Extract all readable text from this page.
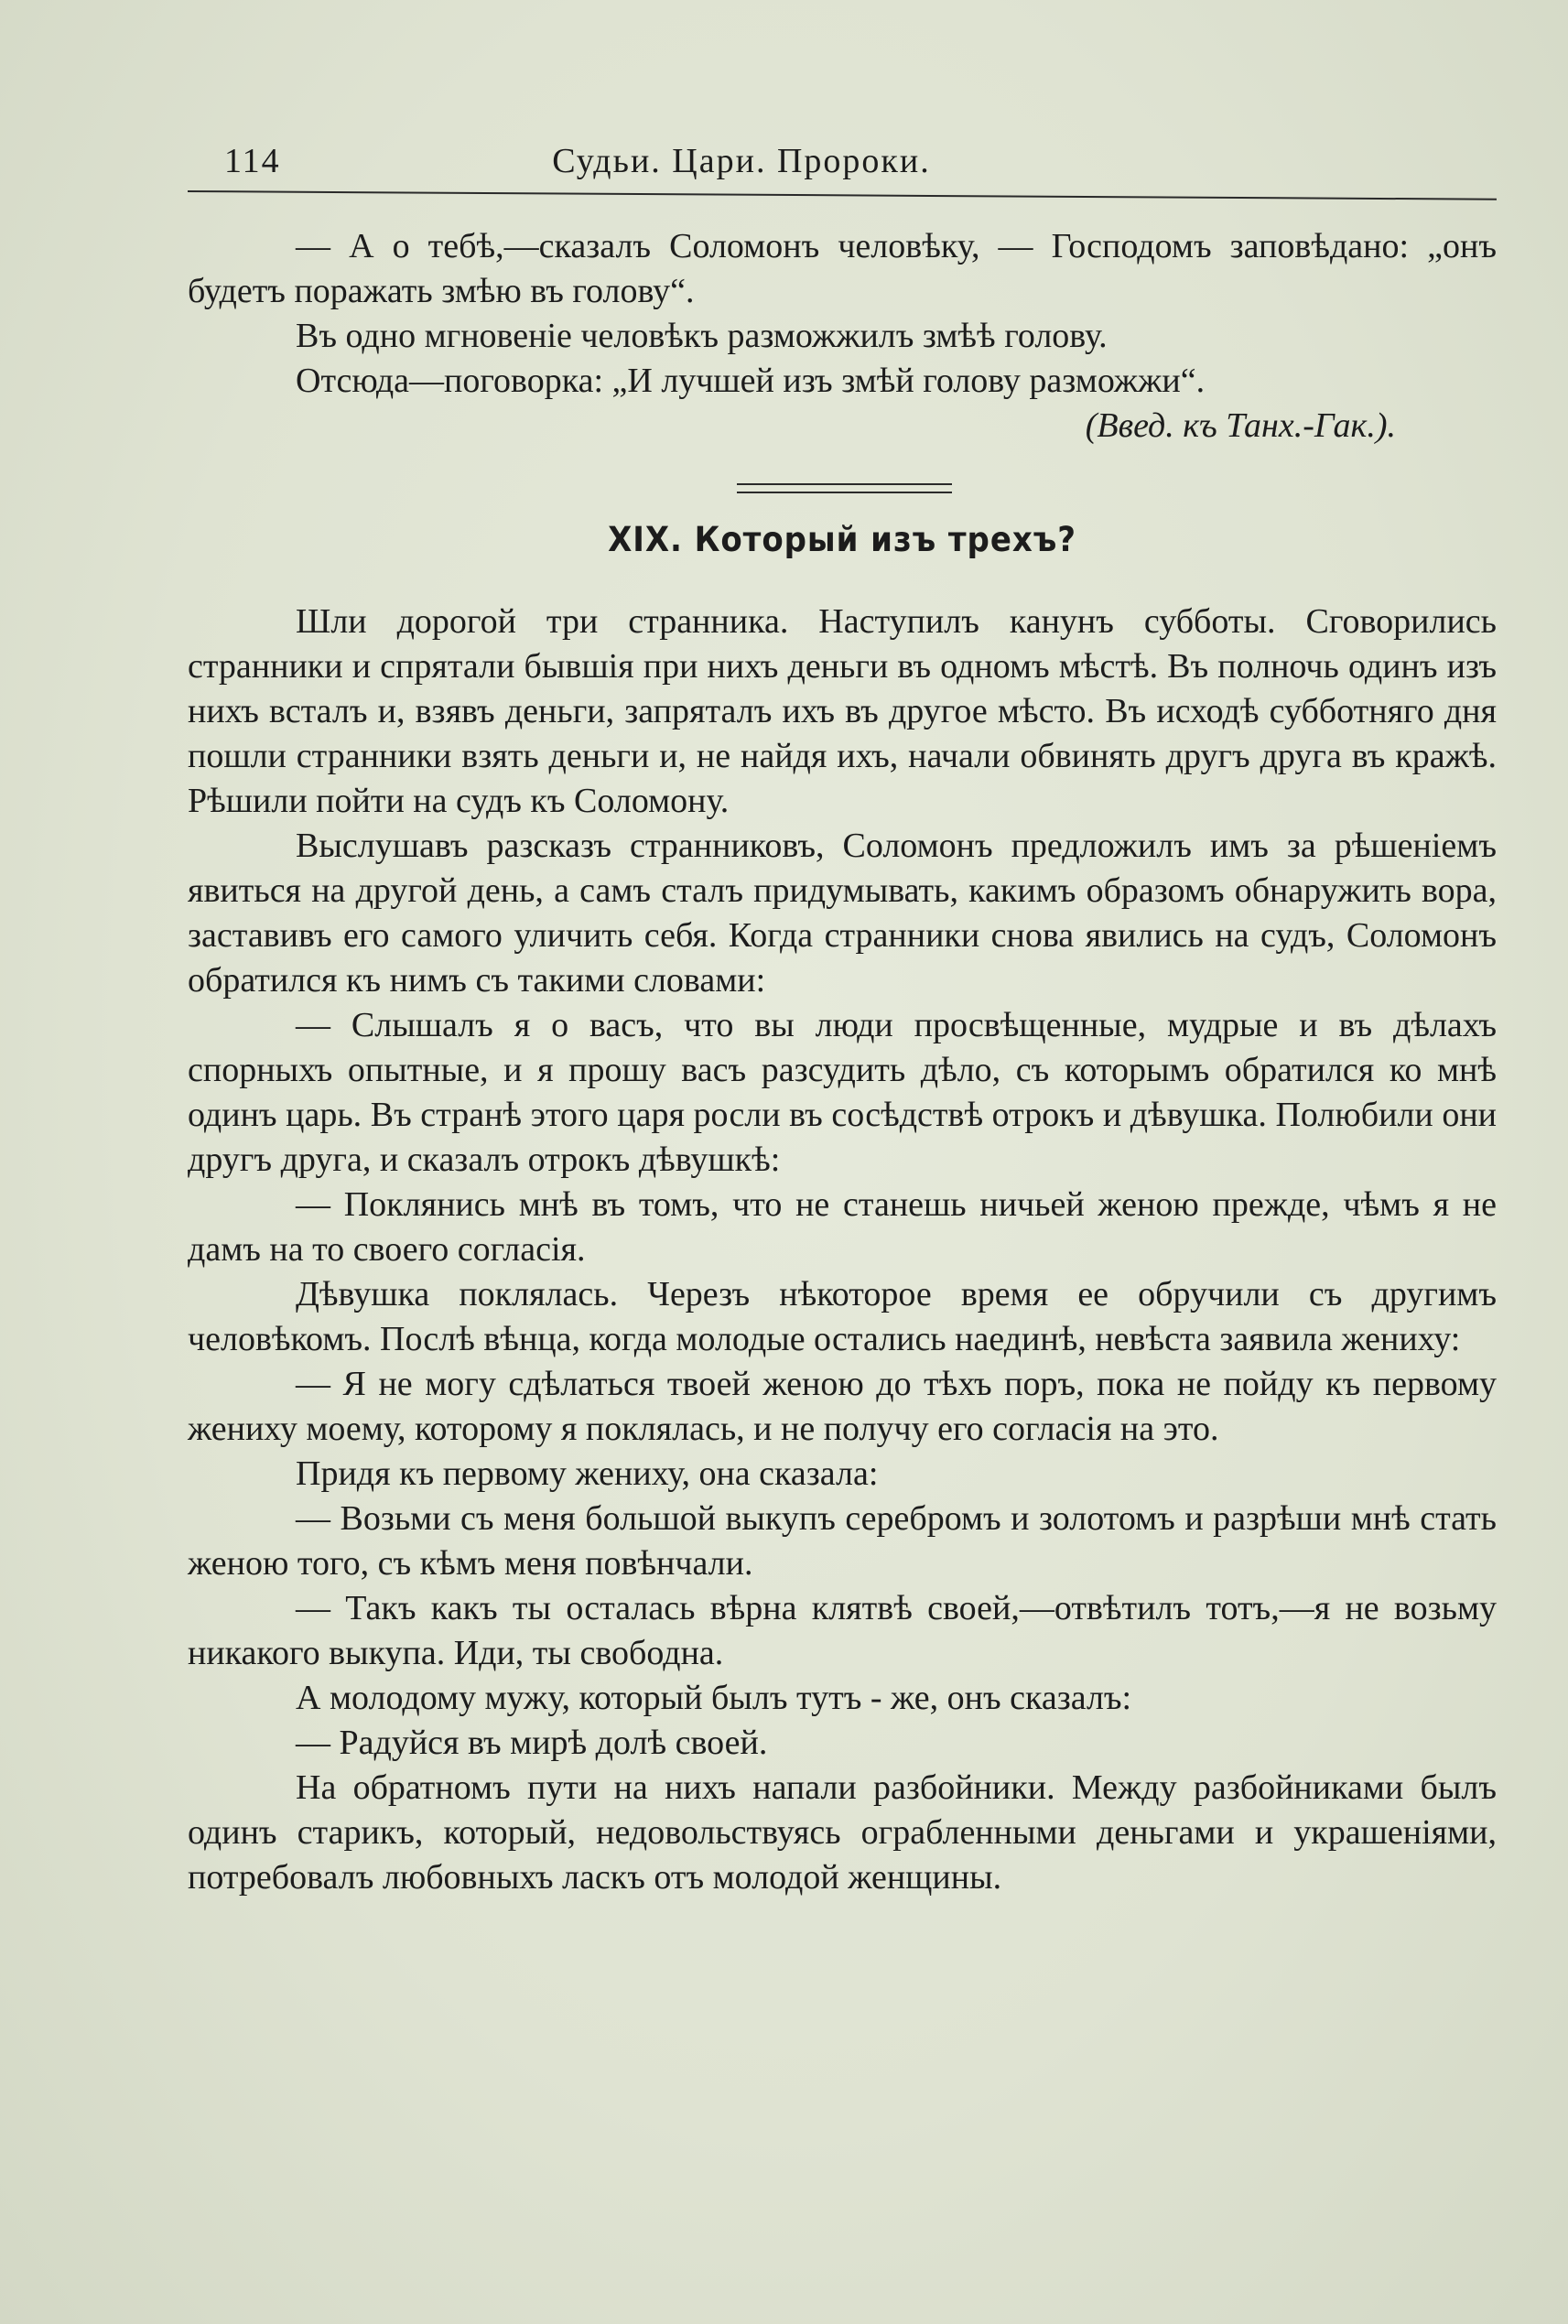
114	Судьи. Цари. Пророки.

— А о тебѣ,—сказалъ Соломонъ человѣку, — Господомъ заповѣдано: „онъ будетъ поражать змѣю въ голову“.

Въ одно мгновеніе человѣкъ разможжилъ змѣѣ голову.

Отсюда—поговорка: „И лучшей изъ змѣй голову разможжи“.

(Введ. къ Танх.-Гак.).

XIX. Который изъ трехъ?

Шли дорогой три странника. Наступилъ канунъ субботы. Сговорились странники и спрятали бывшія при нихъ деньги въ одномъ мѣстѣ. Въ полночь одинъ изъ нихъ всталъ и, взявъ деньги, запряталъ ихъ въ другое мѣсто. Въ исходѣ субботняго дня пошли странники взять деньги и, не найдя ихъ, начали обвинять другъ друга въ кражѣ. Рѣшили пойти на судъ къ Соломону.

Выслушавъ разсказъ странниковъ, Соломонъ предложилъ имъ за рѣшеніемъ явиться на другой день, а самъ сталъ придумывать, какимъ образомъ обнаружить вора, заставивъ его самого уличить себя. Когда странники снова явились на судъ, Соломонъ обратился къ нимъ съ такими словами:

— Слышалъ я о васъ, что вы люди просвѣщенные, мудрые и въ дѣлахъ спорныхъ опытные, и я прошу васъ разсудить дѣло, съ которымъ обратился ко мнѣ одинъ царь. Въ странѣ этого царя росли въ сосѣдствѣ отрокъ и дѣвушка. Полюбили они другъ друга, и сказалъ отрокъ дѣвушкѣ:

— Поклянись мнѣ въ томъ, что не станешь ничьей женою прежде, чѣмъ я не дамъ на то своего согласія.

Дѣвушка поклялась. Черезъ нѣкоторое время ее обручили съ другимъ человѣкомъ. Послѣ вѣнца, когда молодые остались наединѣ, невѣста заявила жениху:

— Я не могу сдѣлаться твоей женою до тѣхъ поръ, пока не пойду къ первому жениху моему, которому я поклялась, и не получу его согласія на это.

Придя къ первому жениху, она сказала:

— Возьми съ меня большой выкупъ серебромъ и золотомъ и разрѣши мнѣ стать женою того, съ кѣмъ меня повѣнчали.

— Такъ какъ ты осталась вѣрна клятвѣ своей,—отвѣтилъ тотъ,—я не возьму никакого выкупа. Иди, ты свободна.

А молодому мужу, который былъ тутъ - же, онъ сказалъ:

— Радуйся въ мирѣ долѣ своей.

На обратномъ пути на нихъ напали разбойники. Между разбойниками былъ одинъ старикъ, который, недовольствуясь ограбленными деньгами и украшеніями, потребовалъ любовныхъ ласкъ отъ молодой женщины.
